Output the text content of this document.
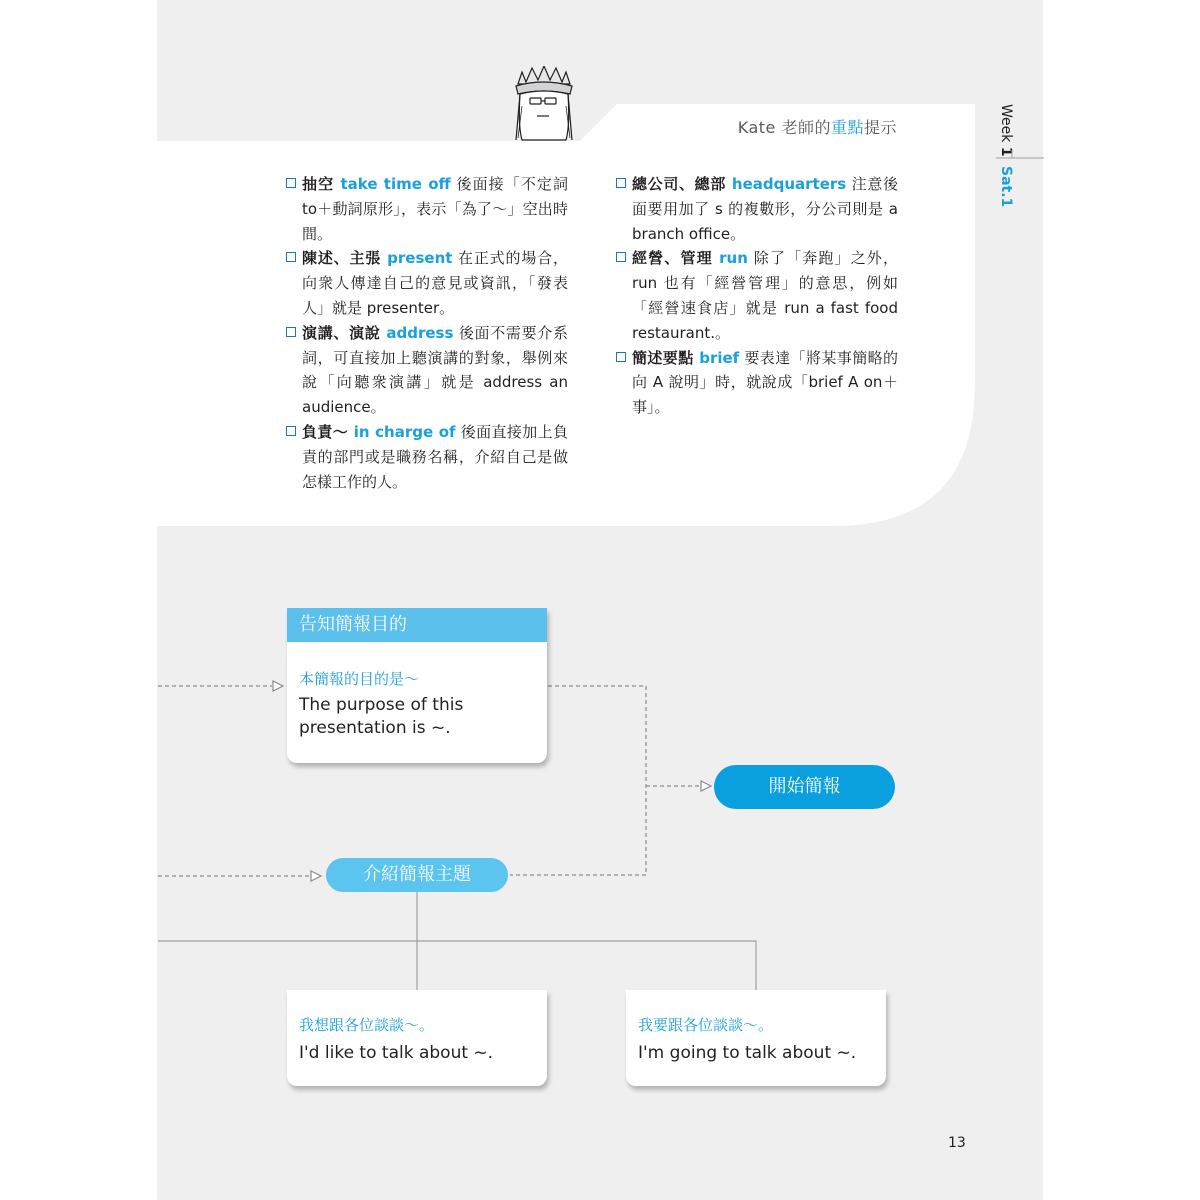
Kate 老師的重點提示	Week 1
Sat.1
抽空 take time off 後面接「不定詞 to＋動詞原形」，表示「為了～」空出時間。
陳述、主張 present 在正式的場合，向衆人傳達自己的意見或資訊，「發表人」就是 presenter。
演講、演說 address 後面不需要介系詞，可直接加上聽演講的對象，舉例來說「向聽衆演講」就是 address an audience。
負責～ in charge of 後面直接加上負責的部門或是職務名稱，介紹自己是做怎樣工作的人。
總公司、總部 headquarters 注意後面要用加了 s 的複數形，分公司則是 a branch office。
經營、管理 run 除了「奔跑」之外，run 也有「經營管理」的意思，例如「經營速食店」就是 run a fast food restaurant.。
簡述要點 brief 要表達「將某事簡略的向 A 說明」時，就說成「brief A on＋事」。
告知簡報目的
本簡報的目的是～
The purpose of this presentation is ~.
開始簡報
介紹簡報主題
我想跟各位談談～。
I'd like to talk about ~.
我要跟各位談談～。
I'm going to talk about ~.
13
